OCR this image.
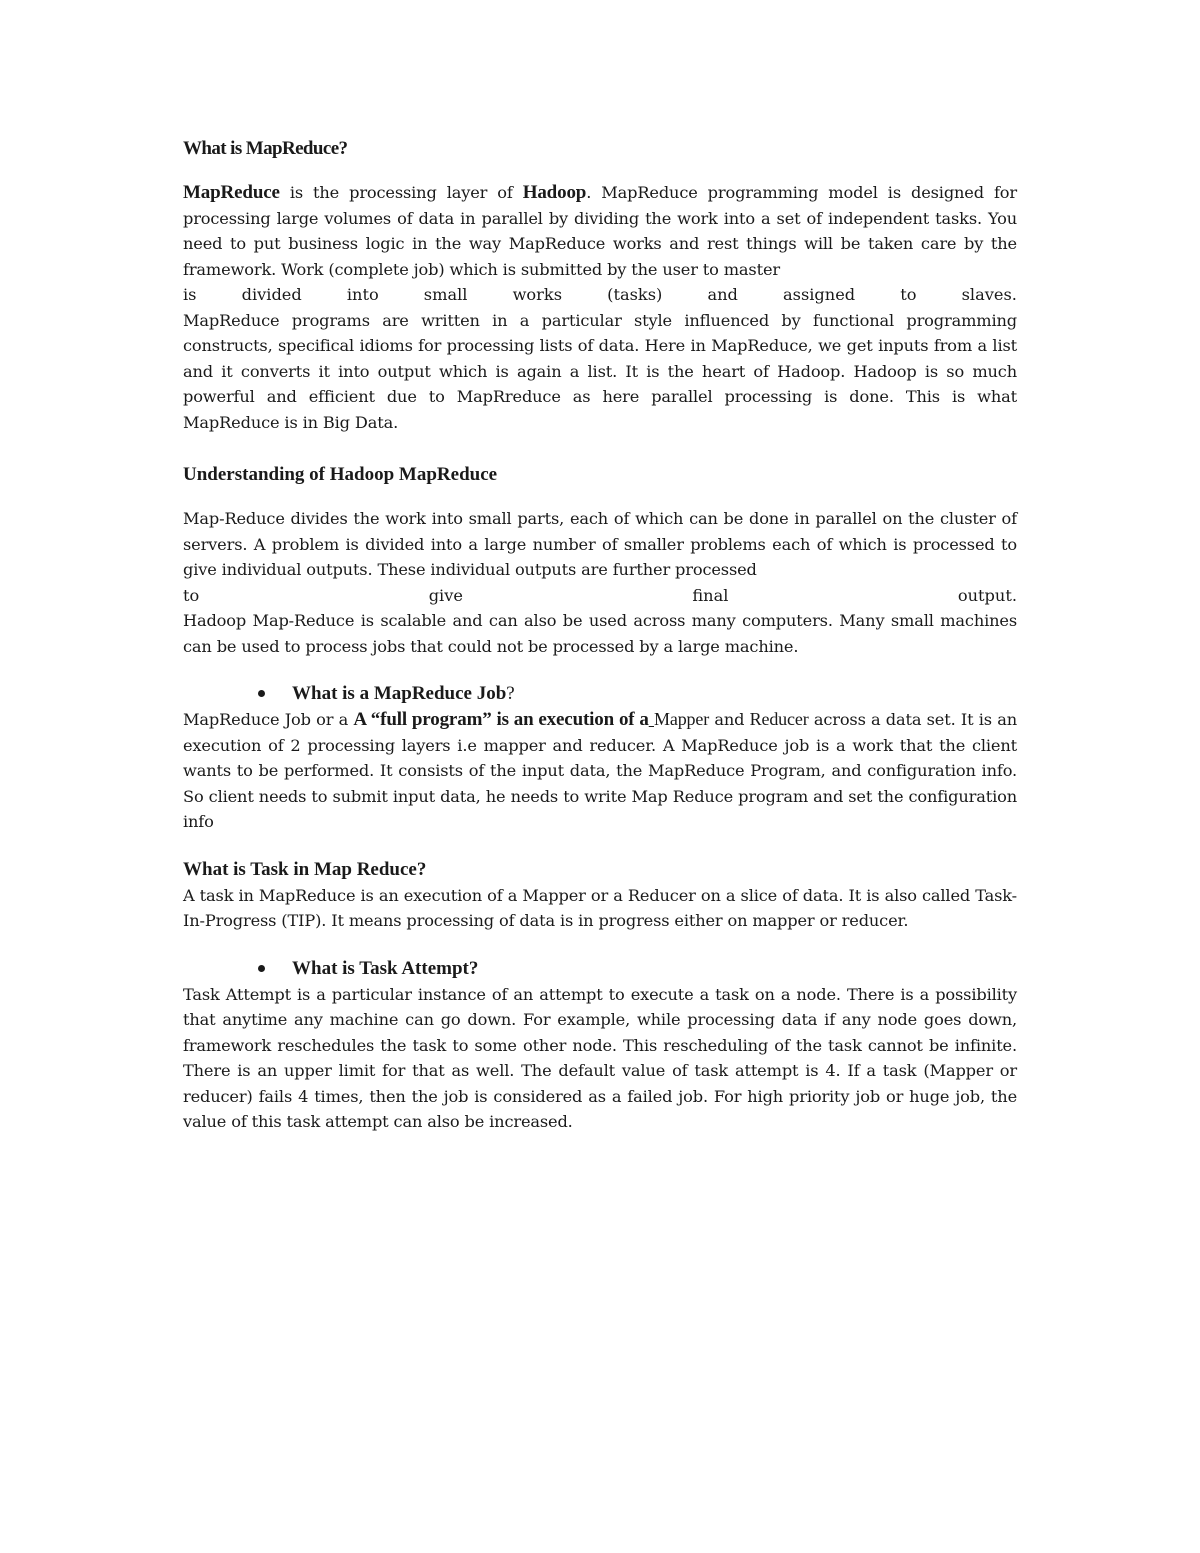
What is MapReduce?

MapReduce is the processing layer of Hadoop. MapReduce programming model is designed for processing large volumes of data in parallel by dividing the work into a set of independent tasks. You need to put business logic in the way MapReduce works and rest things will be taken care by the framework. Work (complete job) which is submitted by the user to master

is	divided	into	small	works	(tasks)	and	assigned	to	slaves.

MapReduce programs are written in a particular style influenced by functional programming constructs, specifical idioms for processing lists of data. Here in MapReduce, we get inputs from a list and it converts it into output which is again a list. It is the heart of Hadoop. Hadoop is so much powerful and efficient due to MapRreduce as here parallel processing is done. This is what MapReduce is in Big Data.

Understanding of Hadoop MapReduce

Map-Reduce divides the work into small parts, each of which can be done in parallel on the cluster of servers. A problem is divided into a large number of smaller problems each of which is processed to give individual outputs. These individual outputs are further processed

to	give	final	output.

Hadoop Map-Reduce is scalable and can also be used across many computers. Many small machines can be used to process jobs that could not be processed by a large machine.

What is a MapReduce Job?

MapReduce Job or a A “full program” is an execution of a Mapper and Reducer across a data set. It is an execution of 2 processing layers i.e mapper and reducer. A MapReduce job is a work that the client wants to be performed. It consists of the input data, the MapReduce Program, and configuration info. So client needs to submit input data, he needs to write Map Reduce program and set the configuration info

What is Task in Map Reduce?

A task in MapReduce is an execution of a Mapper or a Reducer on a slice of data. It is also called Task-In-Progress (TIP). It means processing of data is in progress either on mapper or reducer.

What is Task Attempt?

Task Attempt is a particular instance of an attempt to execute a task on a node. There is a possibility that anytime any machine can go down. For example, while processing data if any node goes down, framework reschedules the task to some other node. This rescheduling of the task cannot be infinite. There is an upper limit for that as well. The default value of task attempt is 4. If a task (Mapper or reducer) fails 4 times, then the job is considered as a failed job. For high priority job or huge job, the value of this task attempt can also be increased.
